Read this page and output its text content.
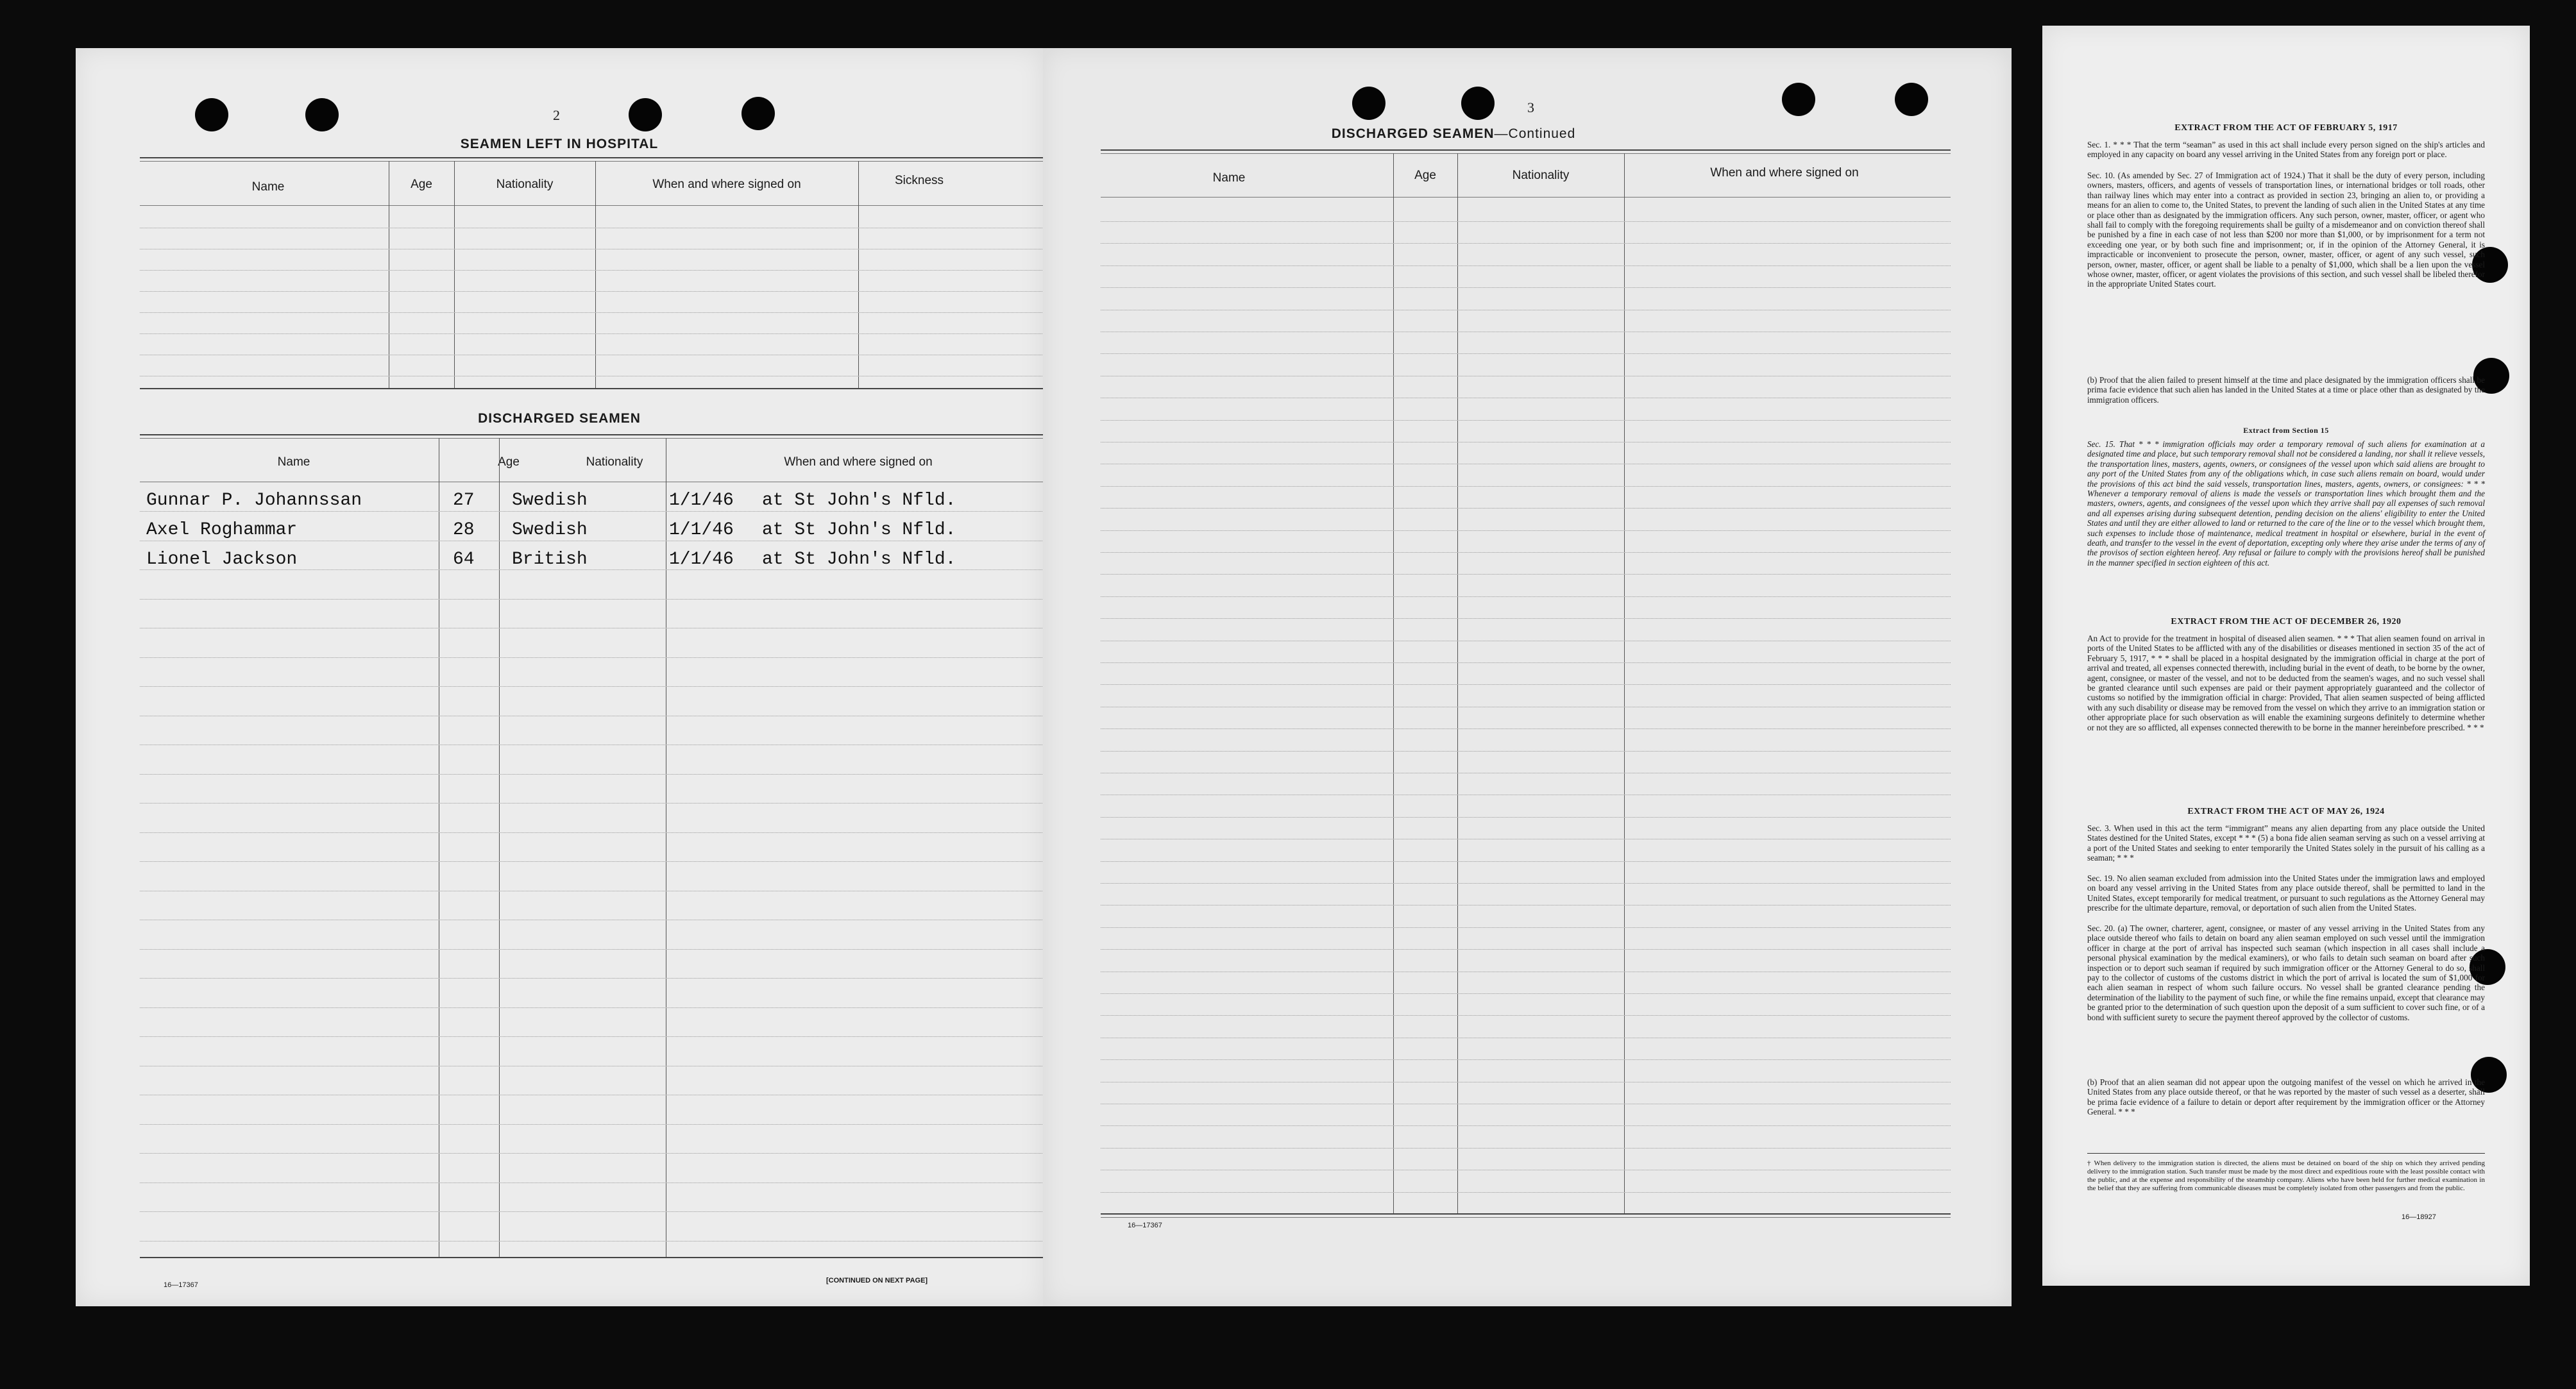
2
SEAMEN LEFT IN HOSPITAL
Name	Age	Nationality	When and where signed on	Sickness
DISCHARGED SEAMEN
Name	Age	Nationality	When and where signed on
Gunnar P. Johannssan	27 Swedish	1/1/46 at St John's Nfld.
Axel Roghammar	28 Swedish	1/1/46 at St John's Nfld.
Lionel Jackson	64 British	1/1/46 at St John's Nfld.
16—17367
[CONTINUED ON NEXT PAGE]
3
DISCHARGED SEAMEN—Continued
Name	Age	Nationality	When and where signed on
16—17367
EXTRACT FROM THE ACT OF FEBRUARY 5, 1917
Sec. 1. * * * That the term “seaman” as used in this act shall include every person signed on the ship's articles and employed in any capacity on board any vessel arriving in the United States from any foreign port or place.
Sec. 10. (As amended by Sec. 27 of Immigration act of 1924.) That it shall be the duty of every person, including owners, masters, officers, and agents of vessels of transportation lines, or international bridges or toll roads, other than railway lines which may enter into a contract as provided in section 23, bringing an alien to, or providing a means for an alien to come to, the United States, to prevent the landing of such alien in the United States at any time or place other than as designated by the immigration officers. Any such person, owner, master, officer, or agent who shall fail to comply with the foregoing requirements shall be guilty of a misdemeanor and on conviction thereof shall be punished by a fine in each case of not less than $200 nor more than $1,000, or by imprisonment for a term not exceeding one year, or by both such fine and imprisonment; or, if in the opinion of the Attorney General, it is impracticable or inconvenient to prosecute the person, owner, master, officer, or agent of any such vessel, such person, owner, master, officer, or agent shall be liable to a penalty of $1,000, which shall be a lien upon the vessel whose owner, master, officer, or agent violates the provisions of this section, and such vessel shall be libeled therefor in the appropriate United States court.
(b) Proof that the alien failed to present himself at the time and place designated by the immigration officers shall be prima facie evidence that such alien has landed in the United States at a time or place other than as designated by the immigration officers.
Extract from Section 15
Sec. 15. That * * * immigration officials may order a temporary removal of such aliens for examination at a designated time and place, but such temporary removal shall not be considered a landing, nor shall it relieve vessels, the transportation lines, masters, agents, owners, or consignees of the vessel upon which said aliens are brought to any port of the United States from any of the obligations which, in case such aliens remain on board, would under the provisions of this act bind the said vessels, transportation lines, masters, agents, owners, or consignees: * * * Whenever a temporary removal of aliens is made the vessels or transportation lines which brought them and the masters, owners, agents, and consignees of the vessel upon which they arrive shall pay all expenses of such removal and all expenses arising during subsequent detention, pending decision on the aliens' eligibility to enter the United States and until they are either allowed to land or returned to the care of the line or to the vessel which brought them, such expenses to include those of maintenance, medical treatment in hospital or elsewhere, burial in the event of death, and transfer to the vessel in the event of deportation, excepting only where they arise under the terms of any of the provisos of section eighteen hereof. Any refusal or failure to comply with the provisions hereof shall be punished in the manner specified in section eighteen of this act.
EXTRACT FROM THE ACT OF DECEMBER 26, 1920
An Act to provide for the treatment in hospital of diseased alien seamen. * * * That alien seamen found on arrival in ports of the United States to be afflicted with any of the disabilities or diseases mentioned in section 35 of the act of February 5, 1917, * * * shall be placed in a hospital designated by the immigration official in charge at the port of arrival and treated, all expenses connected therewith, including burial in the event of death, to be borne by the owner, agent, consignee, or master of the vessel, and not to be deducted from the seamen's wages, and no such vessel shall be granted clearance until such expenses are paid or their payment appropriately guaranteed and the collector of customs so notified by the immigration official in charge: Provided, That alien seamen suspected of being afflicted with any such disability or disease may be removed from the vessel on which they arrive to an immigration station or other appropriate place for such observation as will enable the examining surgeons definitely to determine whether or not they are so afflicted, all expenses connected therewith to be borne in the manner hereinbefore prescribed. * * *
EXTRACT FROM THE ACT OF MAY 26, 1924
Sec. 3. When used in this act the term “immigrant” means any alien departing from any place outside the United States destined for the United States, except * * * (5) a bona fide alien seaman serving as such on a vessel arriving at a port of the United States and seeking to enter temporarily the United States solely in the pursuit of his calling as a seaman; * * *
Sec. 19. No alien seaman excluded from admission into the United States under the immigration laws and employed on board any vessel arriving in the United States from any place outside thereof, shall be permitted to land in the United States, except temporarily for medical treatment, or pursuant to such regulations as the Attorney General may prescribe for the ultimate departure, removal, or deportation of such alien from the United States.
Sec. 20. (a) The owner, charterer, agent, consignee, or master of any vessel arriving in the United States from any place outside thereof who fails to detain on board any alien seaman employed on such vessel until the immigration officer in charge at the port of arrival has inspected such seaman (which inspection in all cases shall include a personal physical examination by the medical examiners), or who fails to detain such seaman on board after such inspection or to deport such seaman if required by such immigration officer or the Attorney General to do so, shall pay to the collector of customs of the customs district in which the port of arrival is located the sum of $1,000 for each alien seaman in respect of whom such failure occurs. No vessel shall be granted clearance pending the determination of the liability to the payment of such fine, or while the fine remains unpaid, except that clearance may be granted prior to the determination of such question upon the deposit of a sum sufficient to cover such fine, or of a bond with sufficient surety to secure the payment thereof approved by the collector of customs.
(b) Proof that an alien seaman did not appear upon the outgoing manifest of the vessel on which he arrived in the United States from any place outside thereof, or that he was reported by the master of such vessel as a deserter, shall be prima facie evidence of a failure to detain or deport after requirement by the immigration officer or the Attorney General. * * *
† When delivery to the immigration station is directed, the aliens must be detained on board of the ship on which they arrived pending delivery to the immigration station. Such transfer must be made by the most direct and expeditious route with the least possible contact with the public, and at the expense and responsibility of the steamship company. Aliens who have been held for further medical examination in the belief that they are suffering from communicable diseases must be completely isolated from other passengers and from the public.
16—18927
